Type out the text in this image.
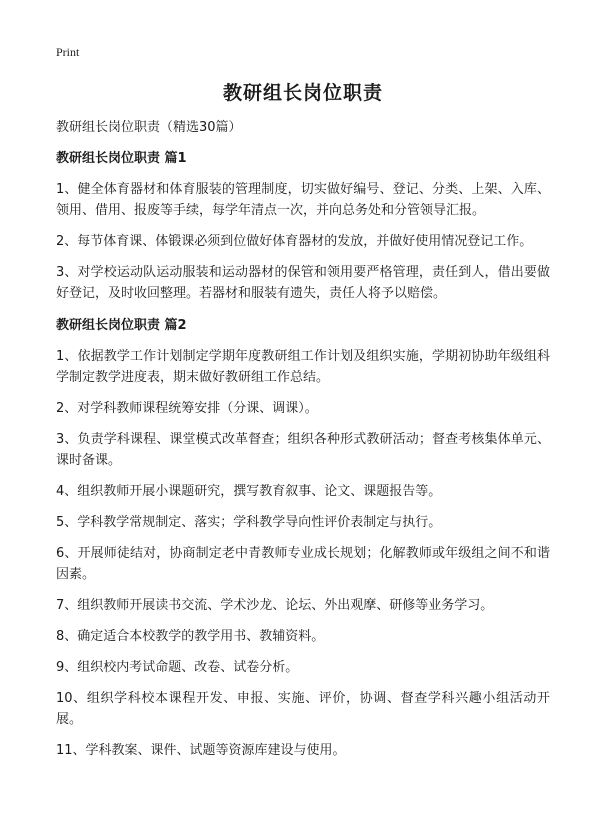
Print
教研组长岗位职责
教研组长岗位职责（精选30篇）
教研组长岗位职责 篇1
1、健全体育器材和体育服装的管理制度，切实做好编号、登记、分类、上架、入库、领用、借用、报废等手续，每学年清点一次，并向总务处和分管领导汇报。
2、每节体育课、体锻课必须到位做好体育器材的发放，并做好使用情况登记工作。
3、对学校运动队运动服装和运动器材的保管和领用要严格管理，责任到人，借出要做好登记，及时收回整理。若器材和服装有遗失，责任人将予以赔偿。
教研组长岗位职责 篇2
1、依据教学工作计划制定学期年度教研组工作计划及组织实施，学期初协助年级组科学制定教学进度表，期末做好教研组工作总结。
2、对学科教师课程统筹安排（分课、调课）。
3、负责学科课程、课堂模式改革督查；组织各种形式教研活动；督查考核集体单元、课时备课。
4、组织教师开展小课题研究，撰写教育叙事、论文、课题报告等。
5、学科教学常规制定、落实；学科教学导向性评价表制定与执行。
6、开展师徒结对，协商制定老中青教师专业成长规划；化解教师或年级组之间不和谐因素。
7、组织教师开展读书交流、学术沙龙、论坛、外出观摩、研修等业务学习。
8、确定适合本校教学的教学用书、教辅资料。
9、组织校内考试命题、改卷、试卷分析。
10、组织学科校本课程开发、申报、实施、评价，协调、督查学科兴趣小组活动开展。
11、学科教案、课件、试题等资源库建设与使用。
